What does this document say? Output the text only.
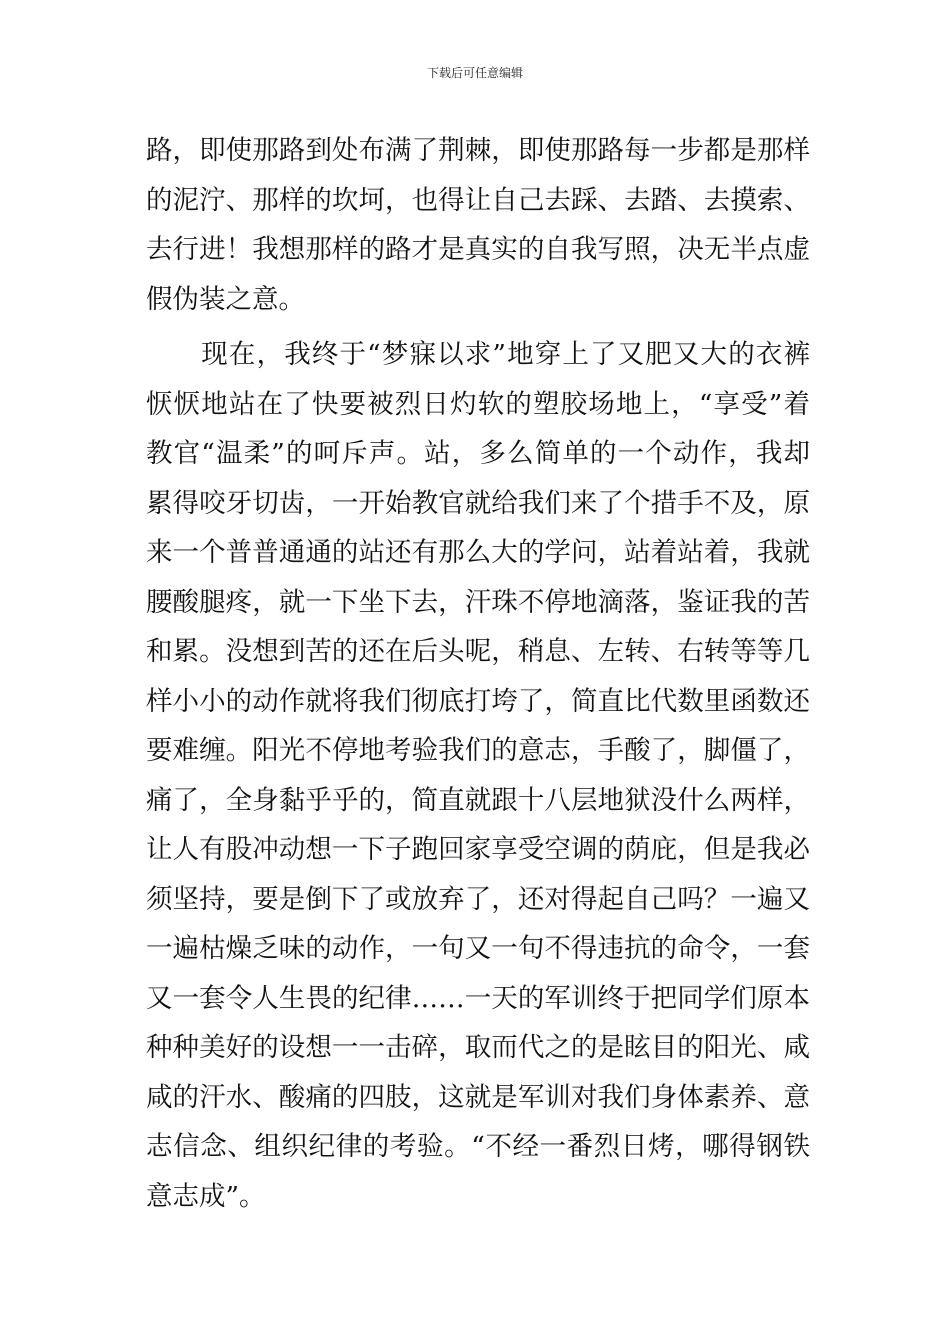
下载后可任意编辑
路，即使那路到处布满了荆棘，即使那路每一步都是那样
的泥泞、那样的坎坷，也得让自己去踩、去踏、去摸索、
去行进！我想那样的路才是真实的自我写照，决无半点虚
假伪装之意。
　　现在，我终于“梦寐以求”地穿上了又肥又大的衣裤
恹恹地站在了快要被烈日灼软的塑胶场地上，“享受”着
教官“温柔”的呵斥声。站，多么简单的一个动作，我却
累得咬牙切齿，一开始教官就给我们来了个措手不及，原
来一个普普通通的站还有那么大的学问，站着站着，我就
腰酸腿疼，就一下坐下去，汗珠不停地滴落，鉴证我的苦
和累。没想到苦的还在后头呢，稍息、左转、右转等等几
样小小的动作就将我们彻底打垮了，简直比代数里函数还
要难缠。阳光不停地考验我们的意志，手酸了，脚僵了，
痛了，全身黏乎乎的，简直就跟十八层地狱没什么两样，
让人有股冲动想一下子跑回家享受空调的荫庇，但是我必
须坚持，要是倒下了或放弃了，还对得起自己吗？一遍又
一遍枯燥乏味的动作，一句又一句不得违抗的命令，一套
又一套令人生畏的纪律……一天的军训终于把同学们原本
种种美好的设想一一击碎，取而代之的是眩目的阳光、咸
咸的汗水、酸痛的四肢，这就是军训对我们身体素养、意
志信念、组织纪律的考验。“不经一番烈日烤，哪得钢铁
意志成”。
